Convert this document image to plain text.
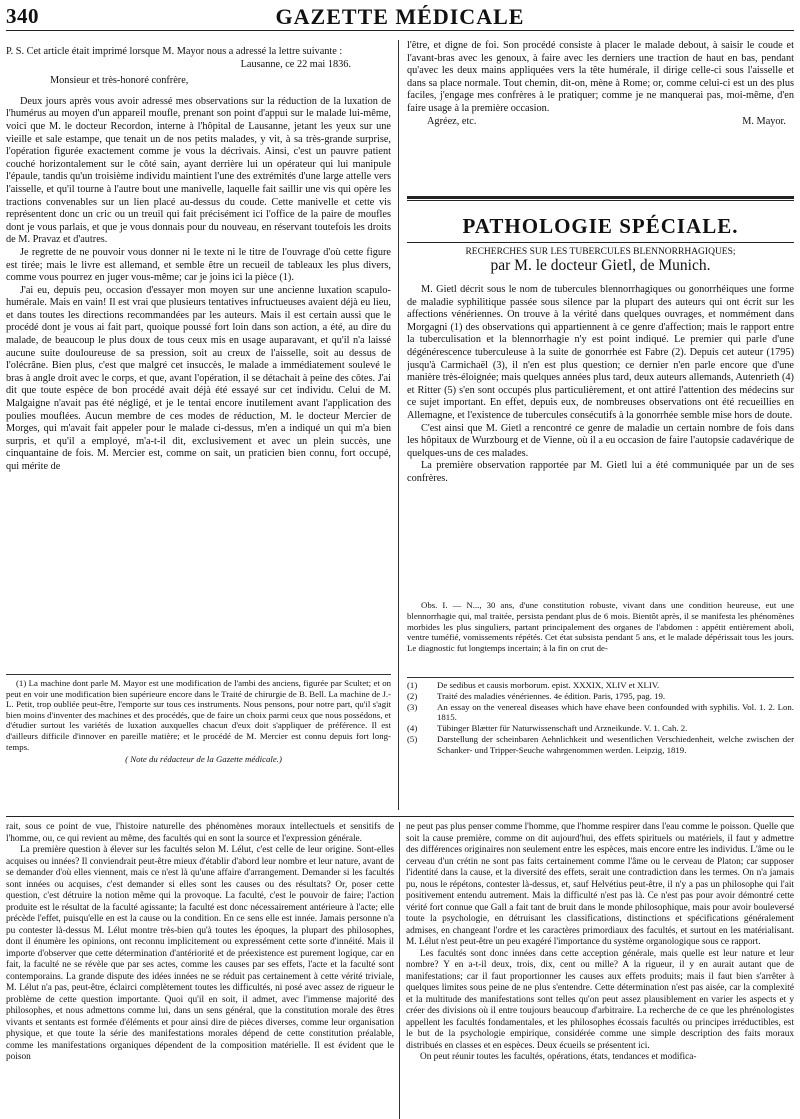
340	GAZETTE MÉDICALE

P. S. Cet article était imprimé lorsque M. Mayor nous a adressé la lettre suivante :

Lausanne, ce 22 mai 1836.

Monsieur et très-honoré confrère,

Deux jours après vous avoir adressé mes observations sur la réduction de la luxation de l'humérus au moyen d'un appareil moufle, prenant son point d'appui sur le malade lui-même, voici que M. le docteur Recordon, interne à l'hôpital de Lausanne, jetant les yeux sur une vieille et sale estampe, que tenait un de nos petits malades, y vit, à sa très-grande surprise, l'opération figurée exactement comme je vous la décrivais. Ainsi, c'est un pauvre patient couché horizontalement sur le côté sain, ayant derrière lui un opérateur qui lui manipule l'épaule, tandis qu'un troisième individu maintient l'une des extrémités d'une large attelle vers l'aisselle, et qu'il tourne à l'autre bout une manivelle, laquelle fait saillir une vis qui opère les tractions convenables sur un lien placé au-dessus du coude. Cette manivelle et cette vis représentent donc un cric ou un treuil qui fait précisément ici l'office de la paire de moufles dont je vous parlais, et que je vous donnais pour du nouveau, en réservant toutefois les droits de M. Pravaz et d'autres.

Je regrette de ne pouvoir vous donner ni le texte ni le titre de l'ouvrage d'où cette figure est tirée; mais le livre est allemand, et semble être un recueil de tableaux les plus divers, comme vous pourrez en juger vous-même; car je joins ici la pièce (1).

J'ai eu, depuis peu, occasion d'essayer mon moyen sur une ancienne luxation scapulo-humérale. Mais en vain! Il est vrai que plusieurs tentatives infructueuses avaient déjà eu lieu, et dans toutes les directions recommandées par les auteurs. Mais il est certain aussi que le procédé dont je vous ai fait part, quoique poussé fort loin dans son action, a été, au dire du malade, de beaucoup le plus doux de tous ceux mis en usage auparavant, et qu'il n'a laissé aucune suite douloureuse de sa pression, soit au creux de l'aisselle, soit au dessus de l'olécrâne. Bien plus, c'est que malgré cet insuccès, le malade a immédiatement soulevé le bras à angle droit avec le corps, et que, avant l'opération, il se détachait à peine des côtes. J'ai dit que toute espèce de bon procédé avait déjà été essayé sur cet individu. Celui de M. Malgaigne n'avait pas été négligé, et je le tentai encore inutilement avant l'application des poulies mouflées. Aucun membre de ces modes de réduction, M. le docteur Mercier de Morges, qui m'avait fait appeler pour le malade ci-dessus, m'en a indiqué un qui m'a bien surpris, et qu'il a employé, m'a-t-il dit, exclusivement et avec un plein succès, une cinquantaine de fois. M. Mercier est, comme on sait, un praticien bien connu, fort occupé, qui mérite de

l'être, et digne de foi. Son procédé consiste à placer le malade debout, à saisir le coude et l'avant-bras avec les genoux, à faire avec les derniers une traction de haut en bas, pendant qu'avec les deux mains appliquées vers la tête humérale, il dirige celle-ci sous l'aisselle et dans sa place normale. Tout chemin, dit-on, mène à Rome; or, comme celui-ci est un des plus faciles, j'engage mes confrères à le pratiquer; comme je ne manquerai pas, moi-même, d'en faire usage à la première occasion.

Agréez, etc.	M. Mayor.
PATHOLOGIE SPÉCIALE.
RECHERCHES SUR LES TUBERCULES BLENNORRHAGIQUES;
par M. le docteur Gietl, de Munich.

M. Gietl décrit sous le nom de tubercules blennorrhagiques ou gonorrhéiques une forme de maladie syphilitique passée sous silence par la plupart des auteurs qui ont écrit sur les affections vénériennes. On trouve à la vérité dans quelques ouvrages, et nommément dans Morgagni (1) des observations qui appartiennent à ce genre d'affection; mais le rapport entre la tuberculisation et la blennorrhagie n'y est point indiqué. Le premier qui parle d'une dégénérescence tuberculeuse à la suite de gonorrhée est Fabre (2). Depuis cet auteur (1795) jusqu'à Carmichaël (3), il n'en est plus question; ce dernier n'en parle encore que d'une manière très-éloignée; mais quelques années plus tard, deux auteurs allemands, Autenrieth (4) et Ritter (5) s'en sont occupés plus particulièrement, et ont attiré l'attention des médecins sur ce sujet important. En effet, depuis eux, de nombreuses observations ont été recueillies en Allemagne, et l'existence de tubercules consécutifs à la gonorrhée semble mise hors de doute.

C'est ainsi que M. Gietl a rencontré ce genre de maladie un certain nombre de fois dans les hôpitaux de Wurzbourg et de Vienne, où il a eu occasion de faire l'autopsie cadavérique de quelques-uns de ces malades.

La première observation rapportée par M. Gietl lui a été communiquée par un de ses confrères.

Obs. I. — N..., 30 ans, d'une constitution robuste, vivant dans une condition heureuse, eut une blennorrhagie qui, mal traitée, persista pendant plus de 6 mois. Bientôt après, il se manifesta les phénomènes morbides les plus singuliers, partant principalement des organes de l'abdomen : appétit entièrement aboli, ventre tuméfié, vomissements répétés. Cet état subsista pendant 5 ans, et le malade dépérissait tous les jours. Le diagnostic fut longtemps incertain; à la fin on crut de-

(1) La machine dont parle M. Mayor est une modification de l'ambi des anciens, figurée par Scultet; et on peut en voir une modification bien supérieure encore dans le Traité de chirurgie de B. Bell. La machine de J.-L. Petit, trop oubliée peut-être, l'emporte sur tous ces instruments. Nous pensons, pour notre part, qu'il s'agit bien moins d'inventer des machines et des procédés, que de faire un choix parmi ceux que nous possédons, et d'étudier surtout les variétés de luxation auxquelles chacun d'eux doit s'appliquer de préférence. Il est d'ailleurs difficile d'innover en pareille matière; et le procédé de M. Mercier est connu depuis fort long-temps.

( Note du rédacteur de la Gazette médicale.)

(1)	De sedibus et causis morborum. epist. XXXIX, XLIV et XLIV.
(2)	Traité des maladies vénériennes. 4e édition. Paris, 1795, pag. 19.
(3)	An essay on the venereal diseases which have ehave been confounded with syphilis. Vol. 1. 2. Lon. 1815.
(4)	Tübinger Blætter für Naturwissenschaft und Arzneikunde. V. 1. Cah. 2.
(5)	Darstellung der scheinbaren Aehnlichkeit und wesentlichen Verschiedenheit, welche zwischen der Schanker- und Tripper-Seuche wahrgenommen werden. Leipzig, 1819.

rait, sous ce point de vue, l'histoire naturelle des phénomènes moraux intellectuels et sensitifs de l'homme, ou, ce qui revient au même, des facultés qui en sont la source et l'expression générale.

La première question à élever sur les facultés selon M. Lélut, c'est celle de leur origine. Sont-elles acquises ou innées? Il conviendrait peut-être mieux d'établir d'abord leur nombre et leur nature, avant de se demander d'où elles viennent, mais ce n'est là qu'une affaire d'arrangement. Demander si les facultés sont innées ou acquises, c'est demander si elles sont les causes ou des résultats? Or, poser cette question, c'est détruire la notion même qui la provoque. La faculté, c'est le pouvoir de faire; l'action produite est le résultat de la faculté agissante; la faculté est donc nécessairement antérieure à l'acte; elle précède l'effet, puisqu'elle en est la cause ou la condition. En ce sens elle est innée. Jamais personne n'a pu contester là-dessus M. Lélut montre très-bien qu'à toutes les époques, la plupart des philosophes, dont il énumère les opinions, ont reconnu implicitement ou expressément cette sorte d'innéité. Mais il importe d'observer que cette détermination d'antériorité et de préexistence est purement logique, car en fait, la faculté ne se révèle que par ses actes, comme les causes par ses effets, l'acte et la faculté sont contemporains. La grande dispute des idées innées ne se réduit pas certainement à cette vérité triviale, M. Lélut n'a pas, peut-être, éclairci complètement toutes les difficultés, ni posé avec assez de rigueur le problème de cette question importante. Quoi qu'il en soit, il admet, avec l'immense majorité des philosophes, et nous admettons comme lui, dans un sens général, que la constitution morale des êtres vivants et sentants est formée d'éléments et pour ainsi dire de pièces diverses, comme leur organisation physique, et que toute la série des manifestations morales dépend de cette constitution préalable, comme les manifestations organiques dépendent de la composition matérielle. Il est évident que le poison

ne peut pas plus penser comme l'homme, que l'homme respirer dans l'eau comme le poisson. Quelle que soit la cause première, comme on dit aujourd'hui, des effets spirituels ou matériels, il faut y admettre des différences originaires non seulement entre les espèces, mais encore entre les individus. L'âme ou le cerveau d'un crétin ne sont pas faits certainement comme l'âme ou le cerveau de Platon; car supposer l'identité dans la cause, et la diversité des effets, serait une contradiction dans les termes. On n'a jamais pu, nous le répétons, contester là-dessus, et, sauf Helvétius peut-être, il n'y a pas un philosophe qui l'ait positivement entendu autrement. Mais la difficulté n'est pas là. Ce n'est pas pour avoir démontré cette vérité fort connue que Gall a fait tant de bruit dans le monde philosophique, mais pour avoir bouleversé toute la psychologie, en détruisant les classifications, distinctions et spécifications généralement admises, en changeant l'ordre et les caractères primordiaux des facultés, et surtout en les matérialisant. M. Lélut n'est peut-être un peu exagéré l'importance du système organologique sous ce rapport.

Les facultés sont donc innées dans cette acception générale, mais quelle est leur nature et leur nombre? Y en a-t-il deux, trois, dix, cent ou mille? A la rigueur, il y en aurait autant que de manifestations; car il faut proportionner les causes aux effets produits; mais il faut bien s'arrêter à quelques limites sous peine de ne plus s'entendre. Cette détermination n'est pas aisée, car la complexité et la multitude des manifestations sont telles qu'on peut assez plausiblement en varier les aspects et y créer des divisions où il entre toujours beaucoup d'arbitraire. La recherche de ce que les phrénologistes appellent les facultés fondamentales, et les philosophes écossais facultés ou principes irréductibles, est le but de la psychologie empirique, considérée comme une simple description des faits moraux distribués en classes et en espèces. Deux écueils se présentent ici.

On peut réunir toutes les facultés, opérations, états, tendances et modifica-
